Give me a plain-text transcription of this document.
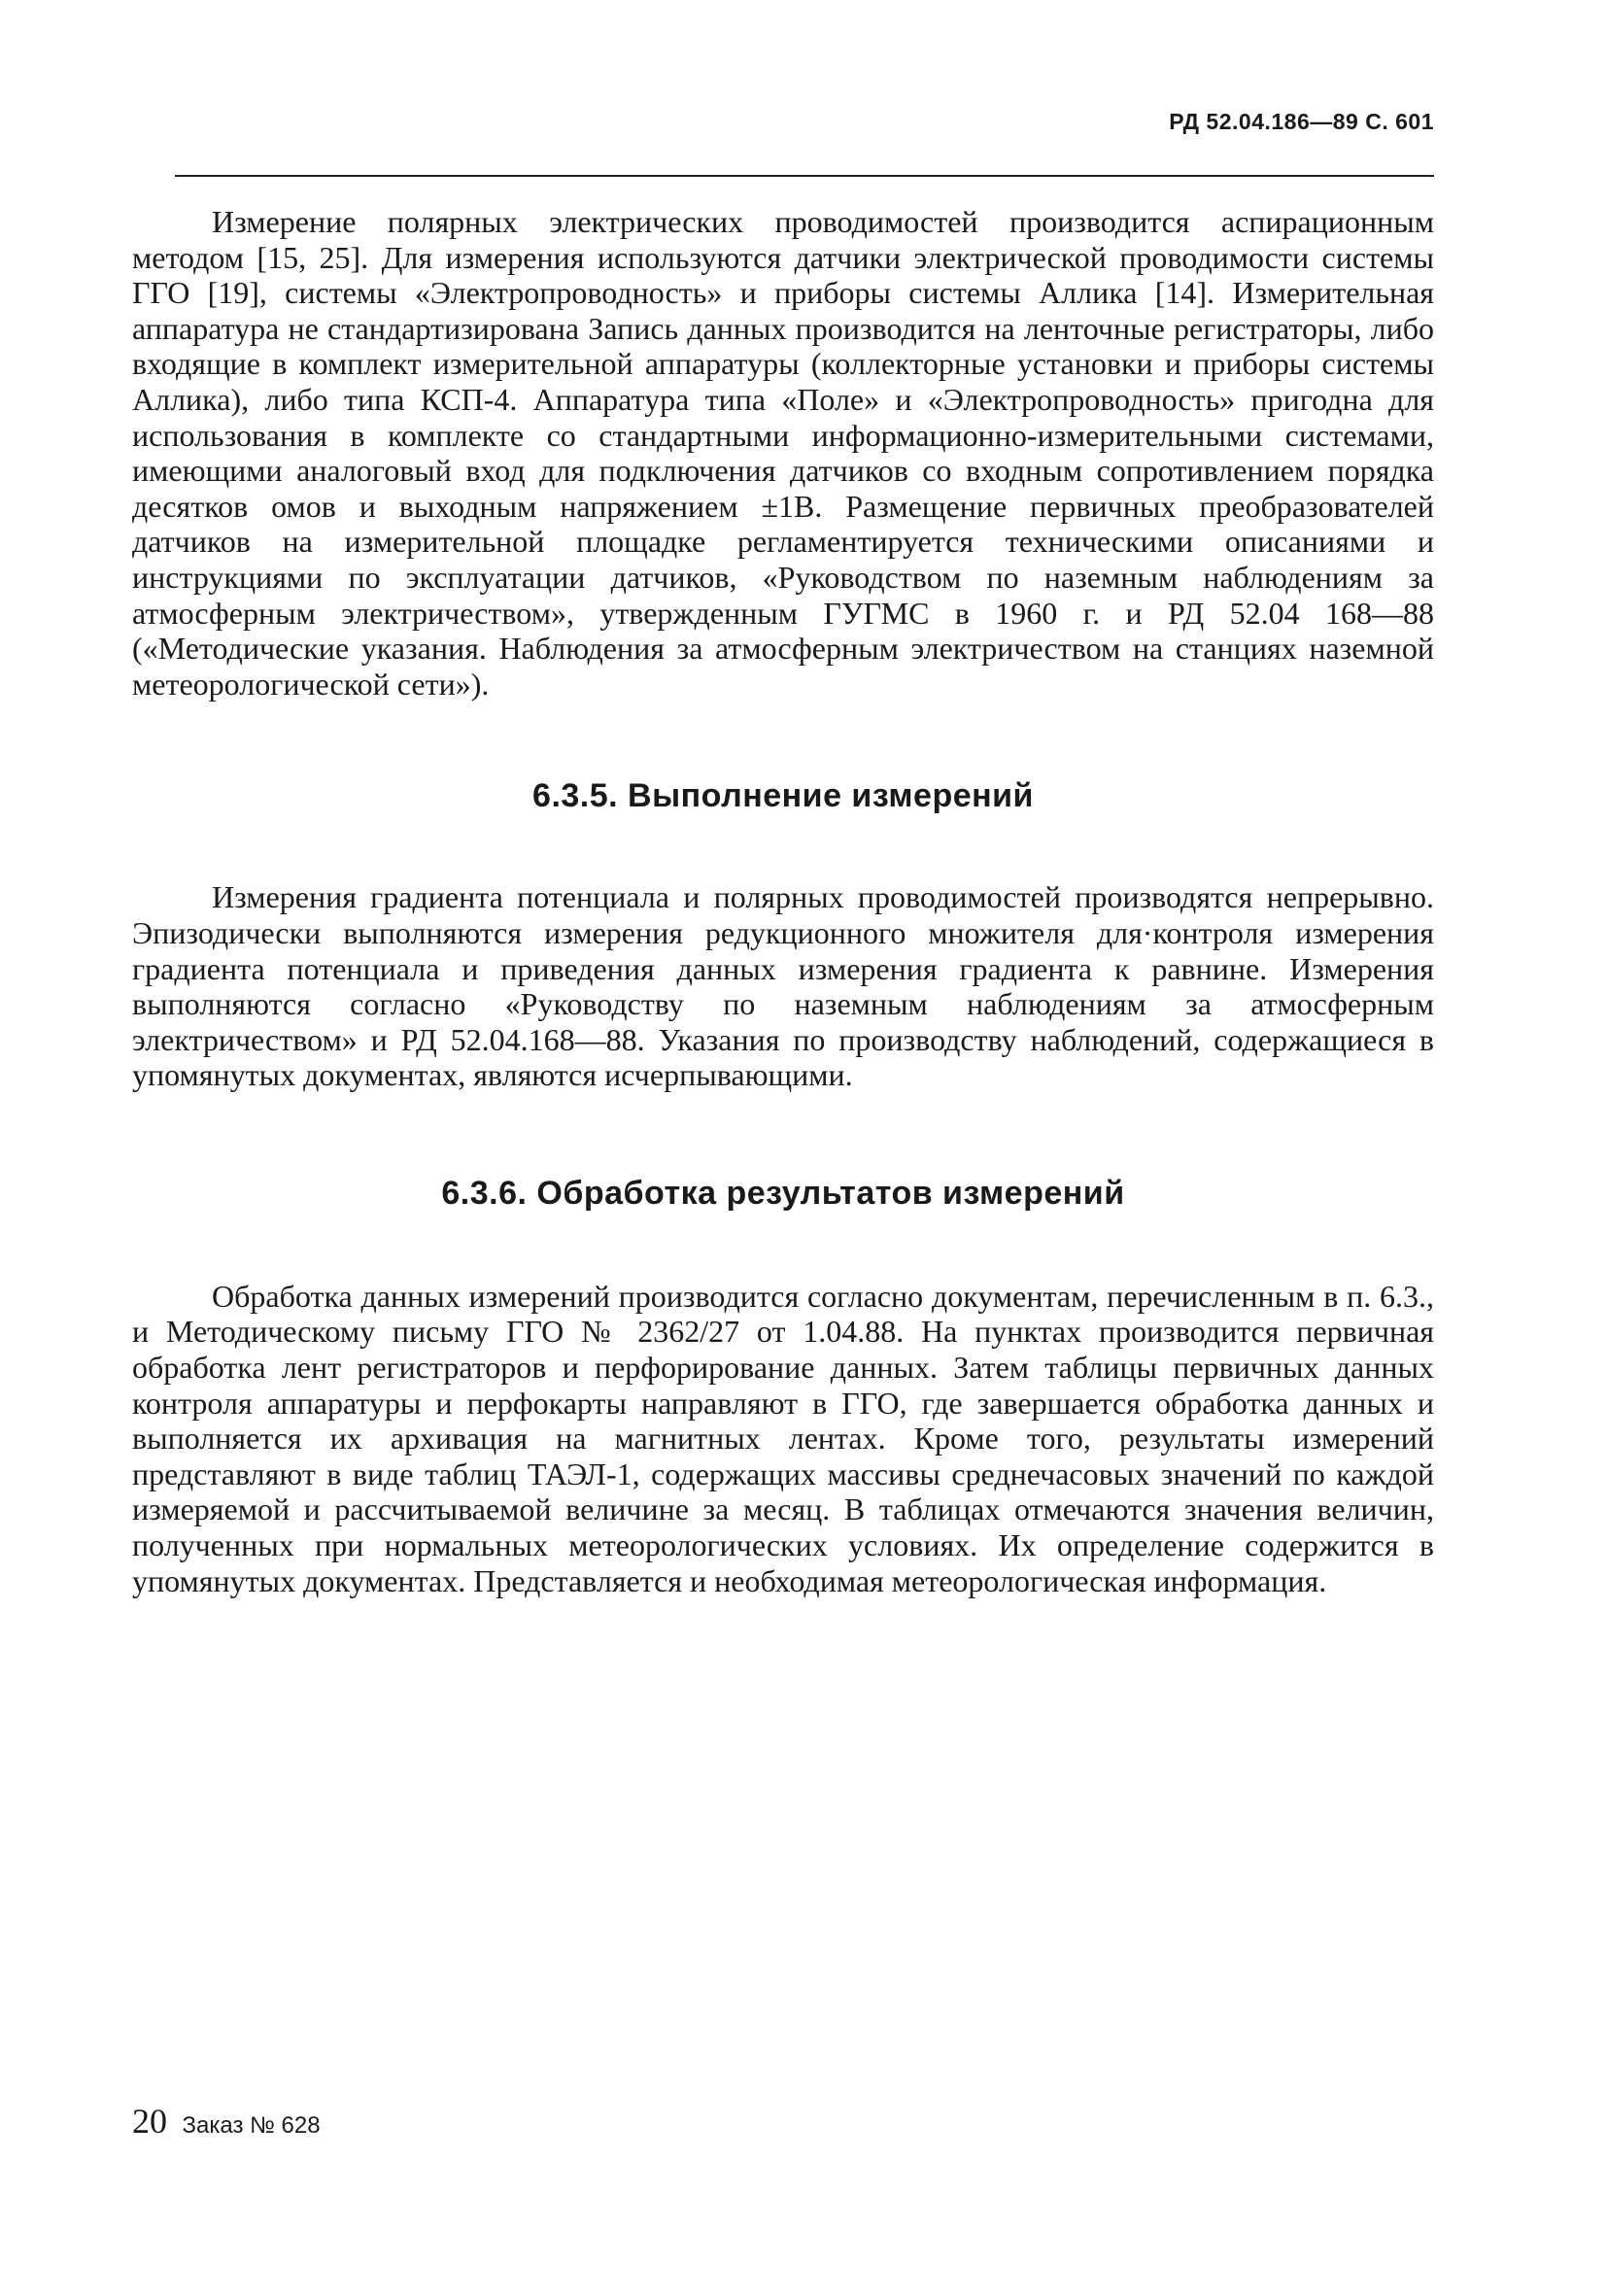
РД 52.04.186—89 С. 601

Измерение полярных электрических проводимостей производится аспирационным методом [15, 25]. Для измерения используются датчики электрической проводимости системы ГГО [19], системы «Электропроводность» и приборы системы Аллика [14]. Измерительная аппаратура не стандартизирована Запись данных производится на ленточные регистраторы, либо входящие в комплект измерительной аппаратуры (коллекторные установки и приборы системы Аллика), либо типа КСП-4. Аппаратура типа «Поле» и «Электропроводность» пригодна для использования в комплекте со стандартными информационно-измерительными системами, имеющими аналоговый вход для подключения датчиков со входным сопротивлением порядка десятков омов и выходным напряжением ±1В. Размещение первичных преобразователей датчиков на измерительной площадке регламентируется техническими описаниями и инструкциями по эксплуатации датчиков, «Руководством по наземным наблюдениям за атмосферным электричеством», утвержденным ГУГМС в 1960 г. и РД 52.04 168—88 («Методические указания. Наблюдения за атмосферным электричеством на станциях наземной метеорологической сети»).

6.3.5. Выполнение измерений

Измерения градиента потенциала и полярных проводимостей производятся непрерывно. Эпизодически выполняются измерения редукционного множителя для·контроля измерения градиента потенциала и приведения данных измерения градиента к равнине. Измерения выполняются согласно «Руководству по наземным наблюдениям за атмосферным электричеством» и РД 52.04.168—88. Указания по производству наблюдений, содержащиеся в упомянутых документах, являются исчерпывающими.

6.3.6. Обработка результатов измерений

Обработка данных измерений производится согласно документам, перечисленным в п. 6.3., и Методическому письму ГГО № 2362/27 от 1.04.88. На пунктах производится первичная обработка лент регистраторов и перфорирование данных. Затем таблицы первичных данных контроля аппаратуры и перфокарты направляют в ГГО, где завершается обработка данных и выполняется их архивация на магнитных лентах. Кроме того, результаты измерений представляют в виде таблиц ТАЭЛ-1, содержащих массивы среднечасовых значений по каждой измеряемой и рассчитываемой величине за месяц. В таблицах отмечаются значения величин, полученных при нормальных метеорологических условиях. Их определение содержится в упомянутых документах. Представляется и необходимая метеорологическая информация.

20 Заказ № 628
